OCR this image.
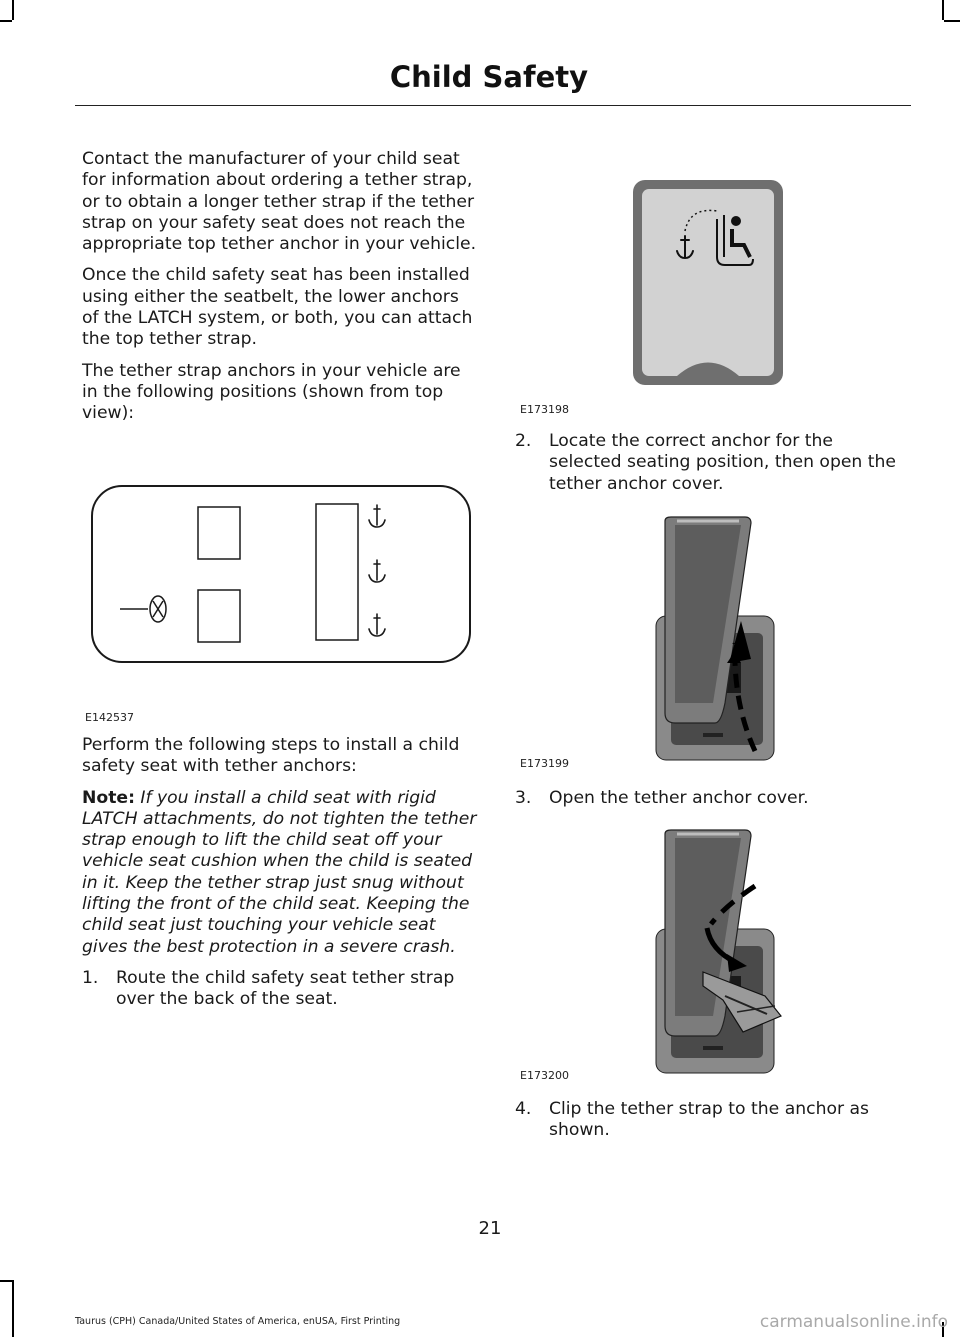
Child Safety

Contact the manufacturer of your child seat for information about ordering a tether strap, or to obtain a longer tether strap if the tether strap on your safety seat does not reach the appropriate top tether anchor in your vehicle.

Once the child safety seat has been installed using either the seatbelt, the lower anchors of the LATCH system, or both, you can attach the top tether strap.

The tether strap anchors in your vehicle are in the following positions (shown from top view):

E142537

Perform the following steps to install a child safety seat with tether anchors:

Note: If you install a child seat with rigid LATCH attachments, do not tighten the tether strap enough to lift the child seat off your vehicle seat cushion when the child is seated in it. Keep the tether strap just snug without lifting the front of the child seat. Keeping the child seat just touching your vehicle seat gives the best protection in a severe crash.

1. Route the child safety seat tether strap over the back of the seat.
E173198
2. Locate the correct anchor for the selected seating position, then open the tether anchor cover.
E173199
3. Open the tether anchor cover.
E173200
4. Clip the tether strap to the anchor as shown.
21
Taurus (CPH) Canada/United States of America, enUSA, First Printing	carmanualsonline.info
